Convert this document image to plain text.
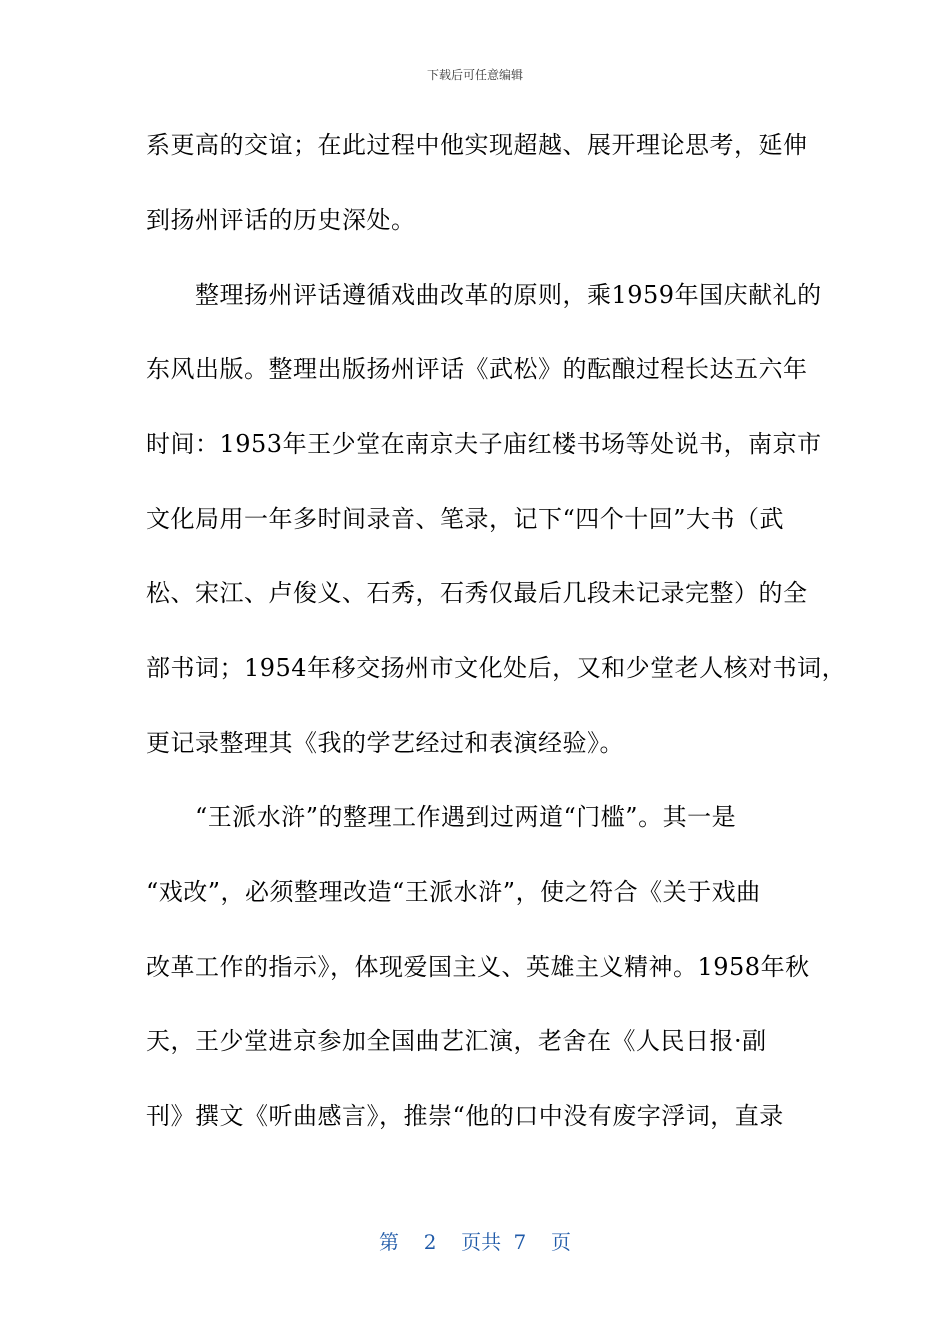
下载后可任意编辑
系更高的交谊；在此过程中他实现超越、展开理论思考，延伸
到扬州评话的历史深处。
　　整理扬州评话遵循戏曲改革的原则，乘1959年国庆献礼的
东风出版。整理出版扬州评话《武松》的酝酿过程长达五六年
时间：1953年王少堂在南京夫子庙红楼书场等处说书，南京市
文化局用一年多时间录音、笔录，记下“四个十回”大书（武
松、宋江、卢俊义、石秀，石秀仅最后几段未记录完整）的全
部书词；1954年移交扬州市文化处后，又和少堂老人核对书词，
更记录整理其《我的学艺经过和表演经验》。
　　“王派水浒”的整理工作遇到过两道“门槛”。其一是
“戏改”，必须整理改造“王派水浒”，使之符合《关于戏曲
改革工作的指示》，体现爱国主义、英雄主义精神。1958年秋
天，王少堂进京参加全国曲艺汇演，老舍在《人民日报·副
刊》撰文《听曲感言》，推崇“他的口中没有废字浮词，直录
第  2  页共 7  页
